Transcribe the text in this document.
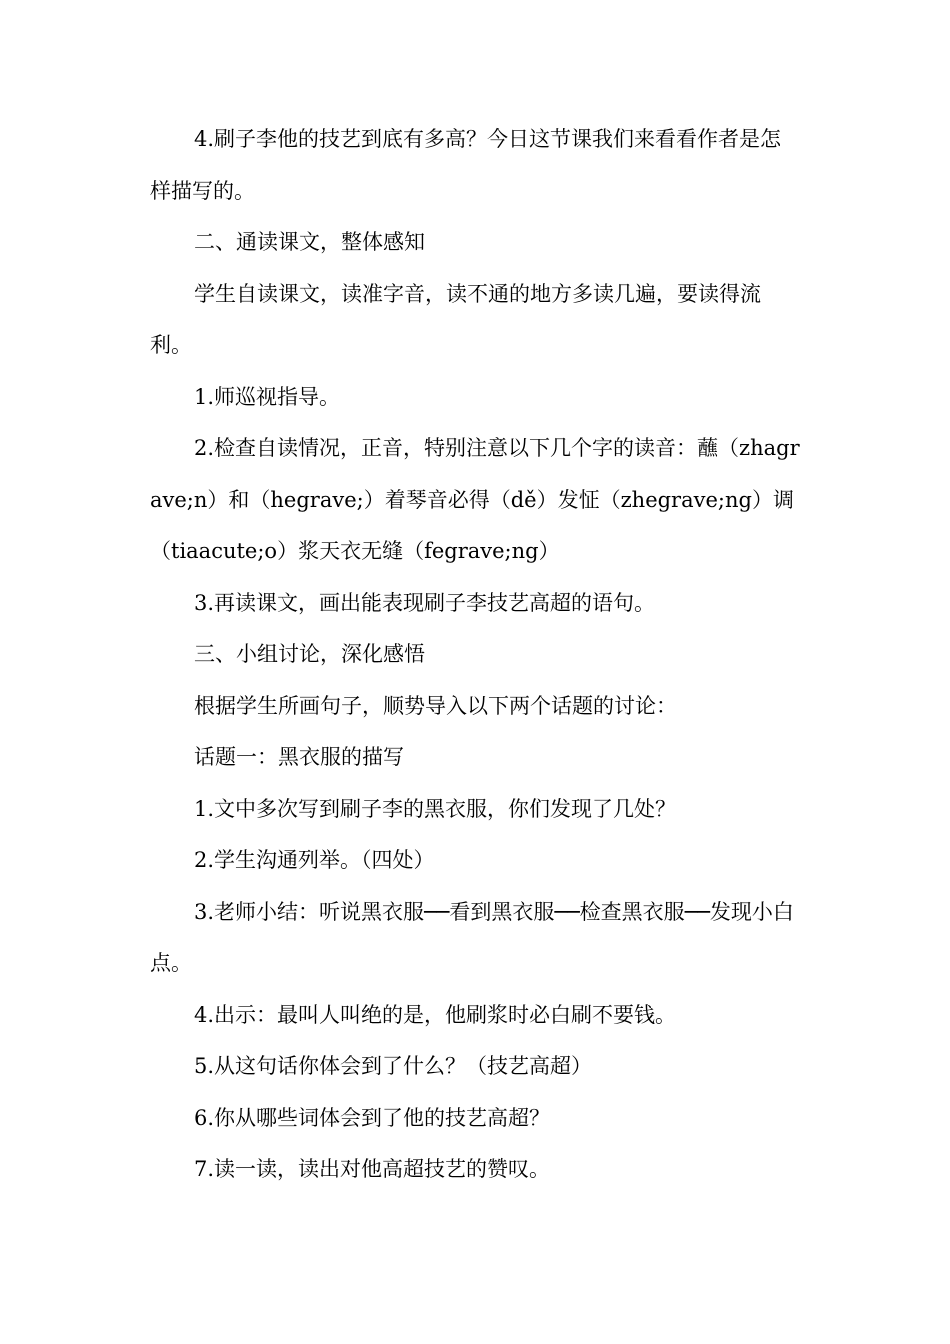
4.刷子李他的技艺到底有多高？今日这节课我们来看看作者是怎样描写的。

二、通读课文，整体感知

学生自读课文，读准字音，读不通的地方多读几遍，要读得流利。

1.师巡视指导。

2.检查自读情况，正音，特别注意以下几个字的读音：蘸（zhagrave;n）和（hegrave;）着琴音必得（dě）发怔（zhegrave;ng）调（tiaacute;o）浆天衣无缝（fegrave;ng）

3.再读课文，画出能表现刷子李技艺高超的语句。

三、小组讨论，深化感悟

根据学生所画句子，顺势导入以下两个话题的讨论：

话题一：黑衣服的描写

1.文中多次写到刷子李的黑衣服，你们发现了几处？

2.学生沟通列举。（四处）

3.老师小结：听说黑衣服──看到黑衣服──检查黑衣服──发现小白点。

4.出示：最叫人叫绝的是，他刷浆时必白刷不要钱。

5.从这句话你体会到了什么？（技艺高超）

6.你从哪些词体会到了他的技艺高超？

7.读一读，读出对他高超技艺的赞叹。
